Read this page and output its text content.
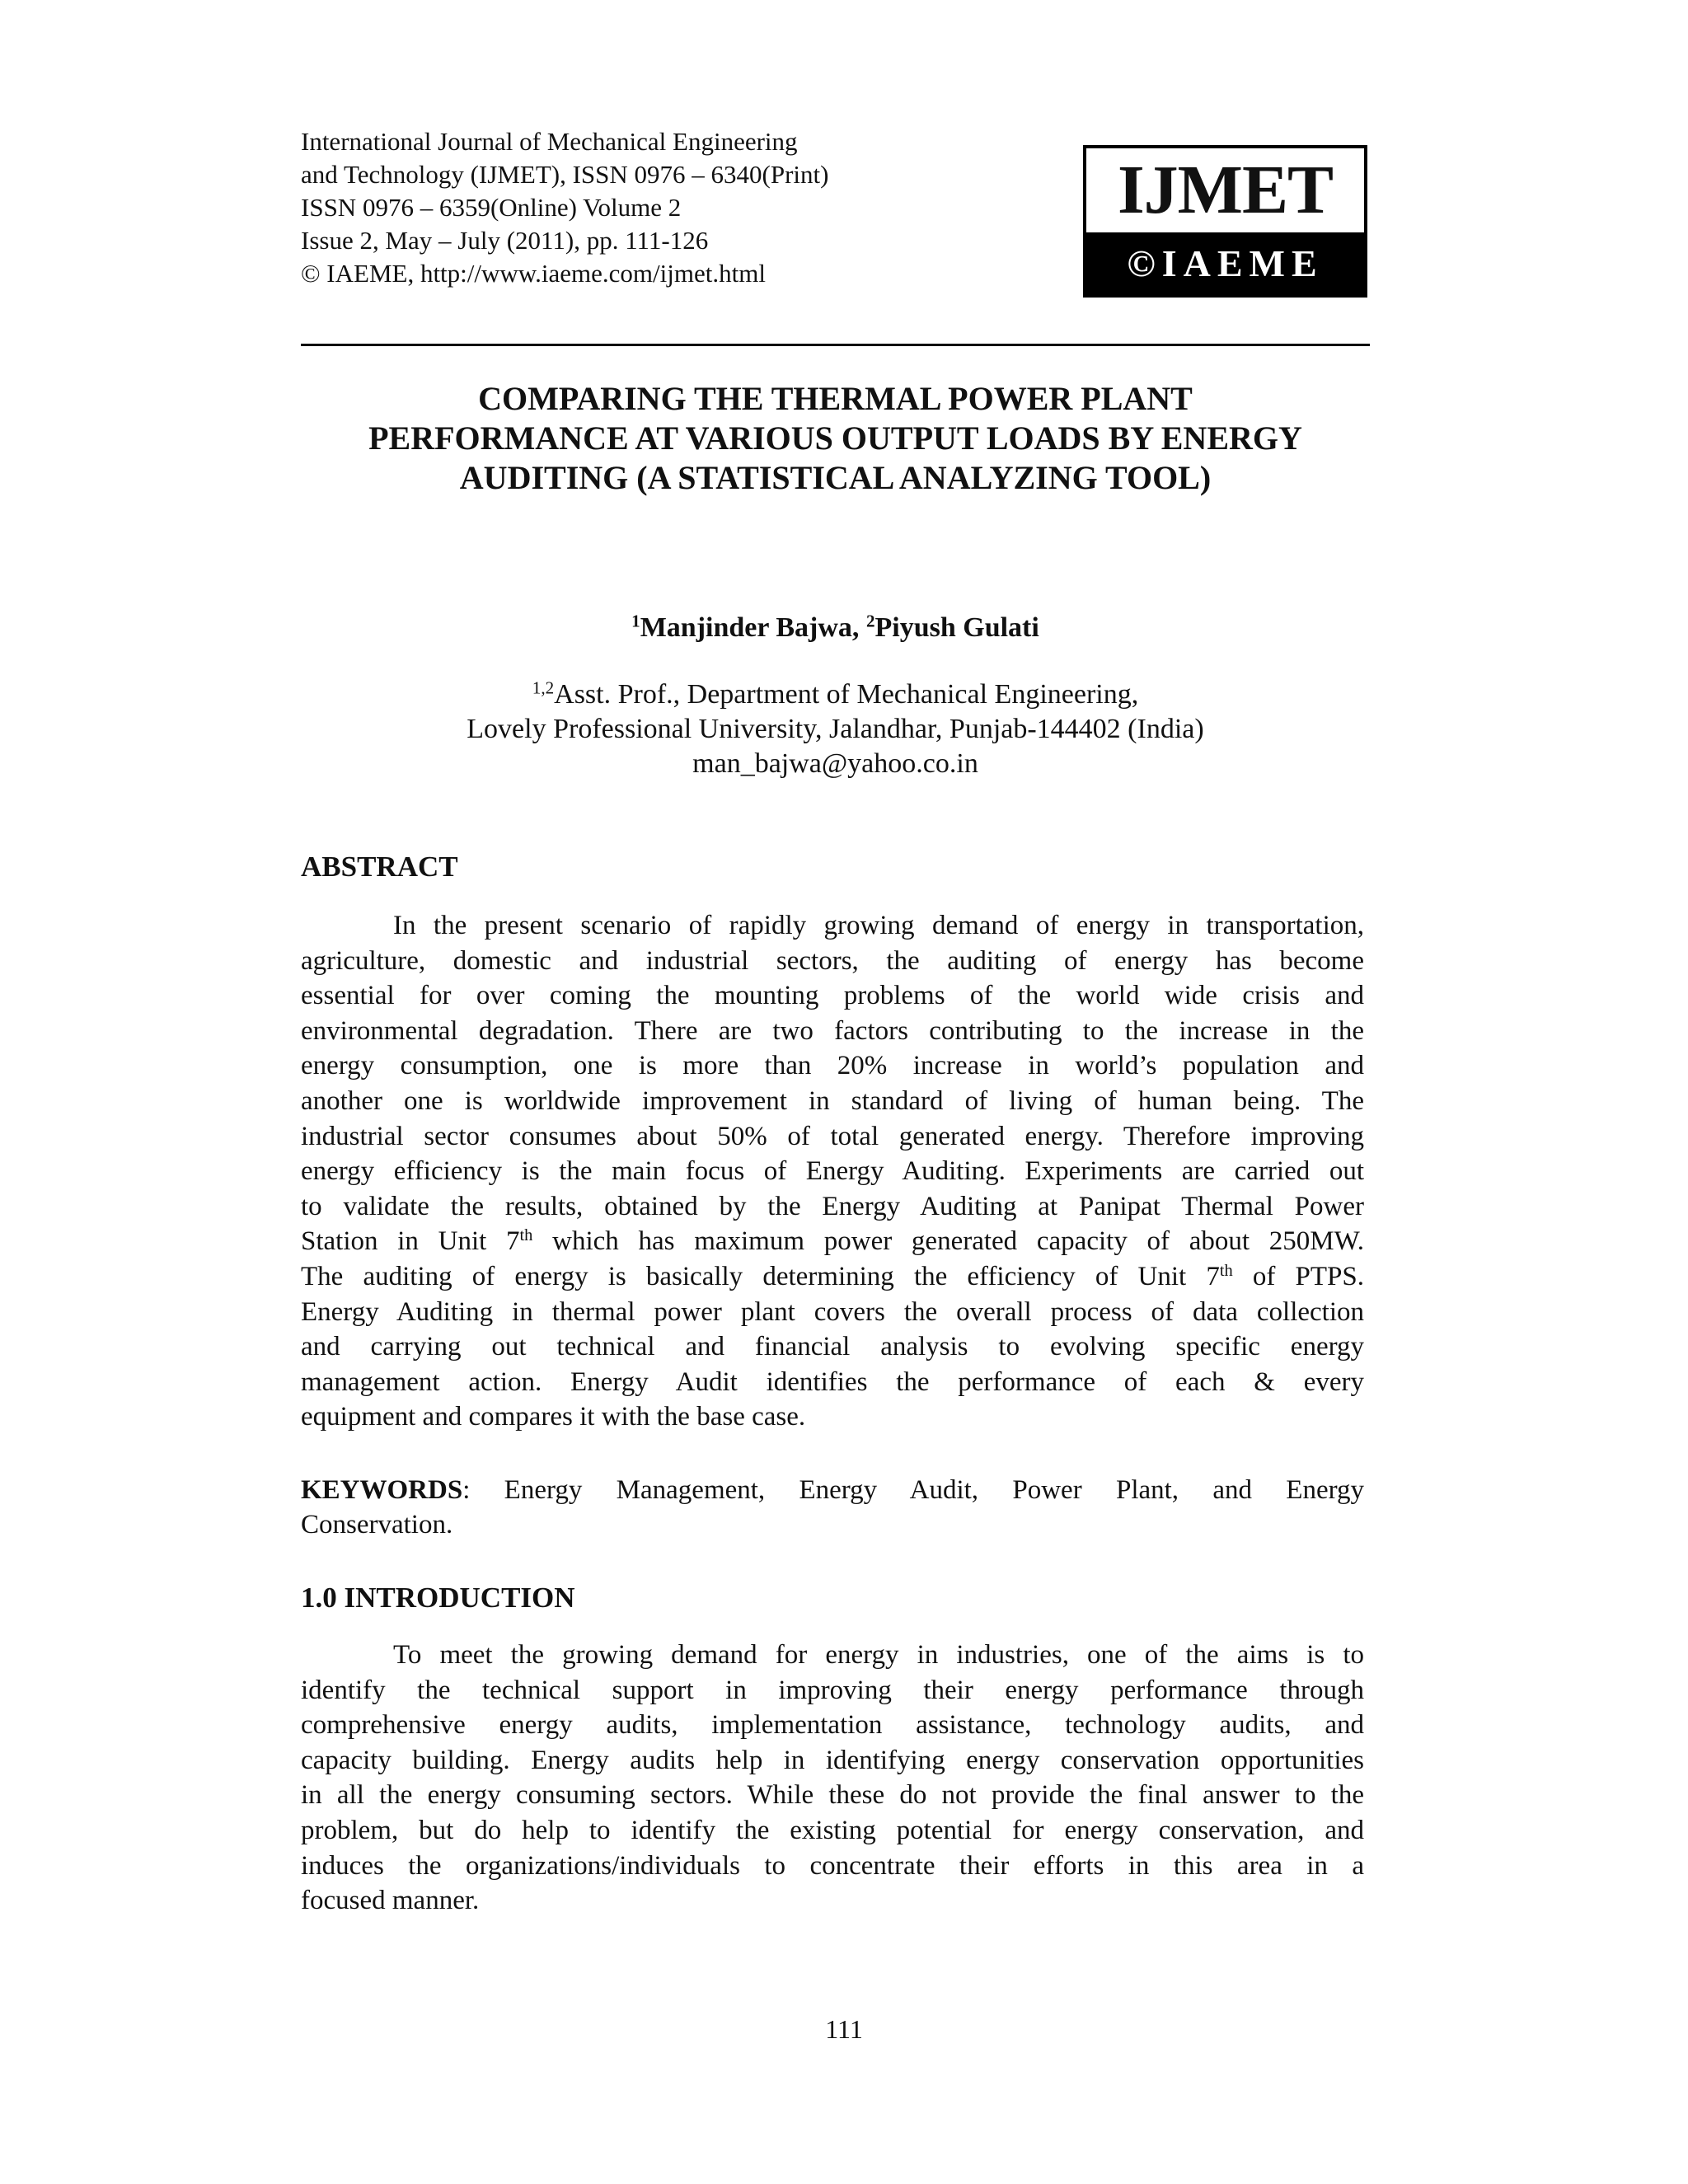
International Journal of Mechanical Engineering
and Technology (IJMET), ISSN 0976 – 6340(Print)
ISSN 0976 – 6359(Online) Volume 2
Issue 2, May – July (2011), pp. 111-126
© IAEME, http://www.iaeme.com/ijmet.html
IJMET
©IAEME
COMPARING THE THERMAL POWER PLANT
PERFORMANCE AT VARIOUS OUTPUT LOADS BY ENERGY
AUDITING (A STATISTICAL ANALYZING TOOL)
$^1$Manjinder Bajwa, $^2$Piyush Gulati
$^{1,2}$Asst. Prof., Department of Mechanical Engineering,
Lovely Professional University, Jalandhar, Punjab-144402 (India)
man_bajwa@yahoo.co.in
ABSTRACT
In the present scenario of rapidly growing demand of energy in transportation,
agriculture, domestic and industrial sectors, the auditing of energy has become
essential for over coming the mounting problems of the world wide crisis and
environmental degradation. There are two factors contributing to the increase in the
energy consumption, one is more than 20% increase in world’s population and
another one is worldwide improvement in standard of living of human being. The
industrial sector consumes about 50% of total generated energy. Therefore improving
energy efficiency is the main focus of Energy Auditing. Experiments are carried out
to validate the results, obtained by the Energy Auditing at Panipat Thermal Power
Station in Unit 7th which has maximum power generated capacity of about 250MW.
The auditing of energy is basically determining the efficiency of Unit 7th of PTPS.
Energy Auditing in thermal power plant covers the overall process of data collection
and carrying out technical and financial analysis to evolving specific energy
management action. Energy Audit identifies the performance of each & every
equipment and compares it with the base case.
KEYWORDS: Energy Management, Energy Audit, Power Plant, and Energy
Conservation.
1.0 INTRODUCTION
To meet the growing demand for energy in industries, one of the aims is to
identify the technical support in improving their energy performance through
comprehensive energy audits, implementation assistance, technology audits, and
capacity building. Energy audits help in identifying energy conservation opportunities
in all the energy consuming sectors. While these do not provide the final answer to the
problem, but do help to identify the existing potential for energy conservation, and
induces the organizations/individuals to concentrate their efforts in this area in a
focused manner.
111
